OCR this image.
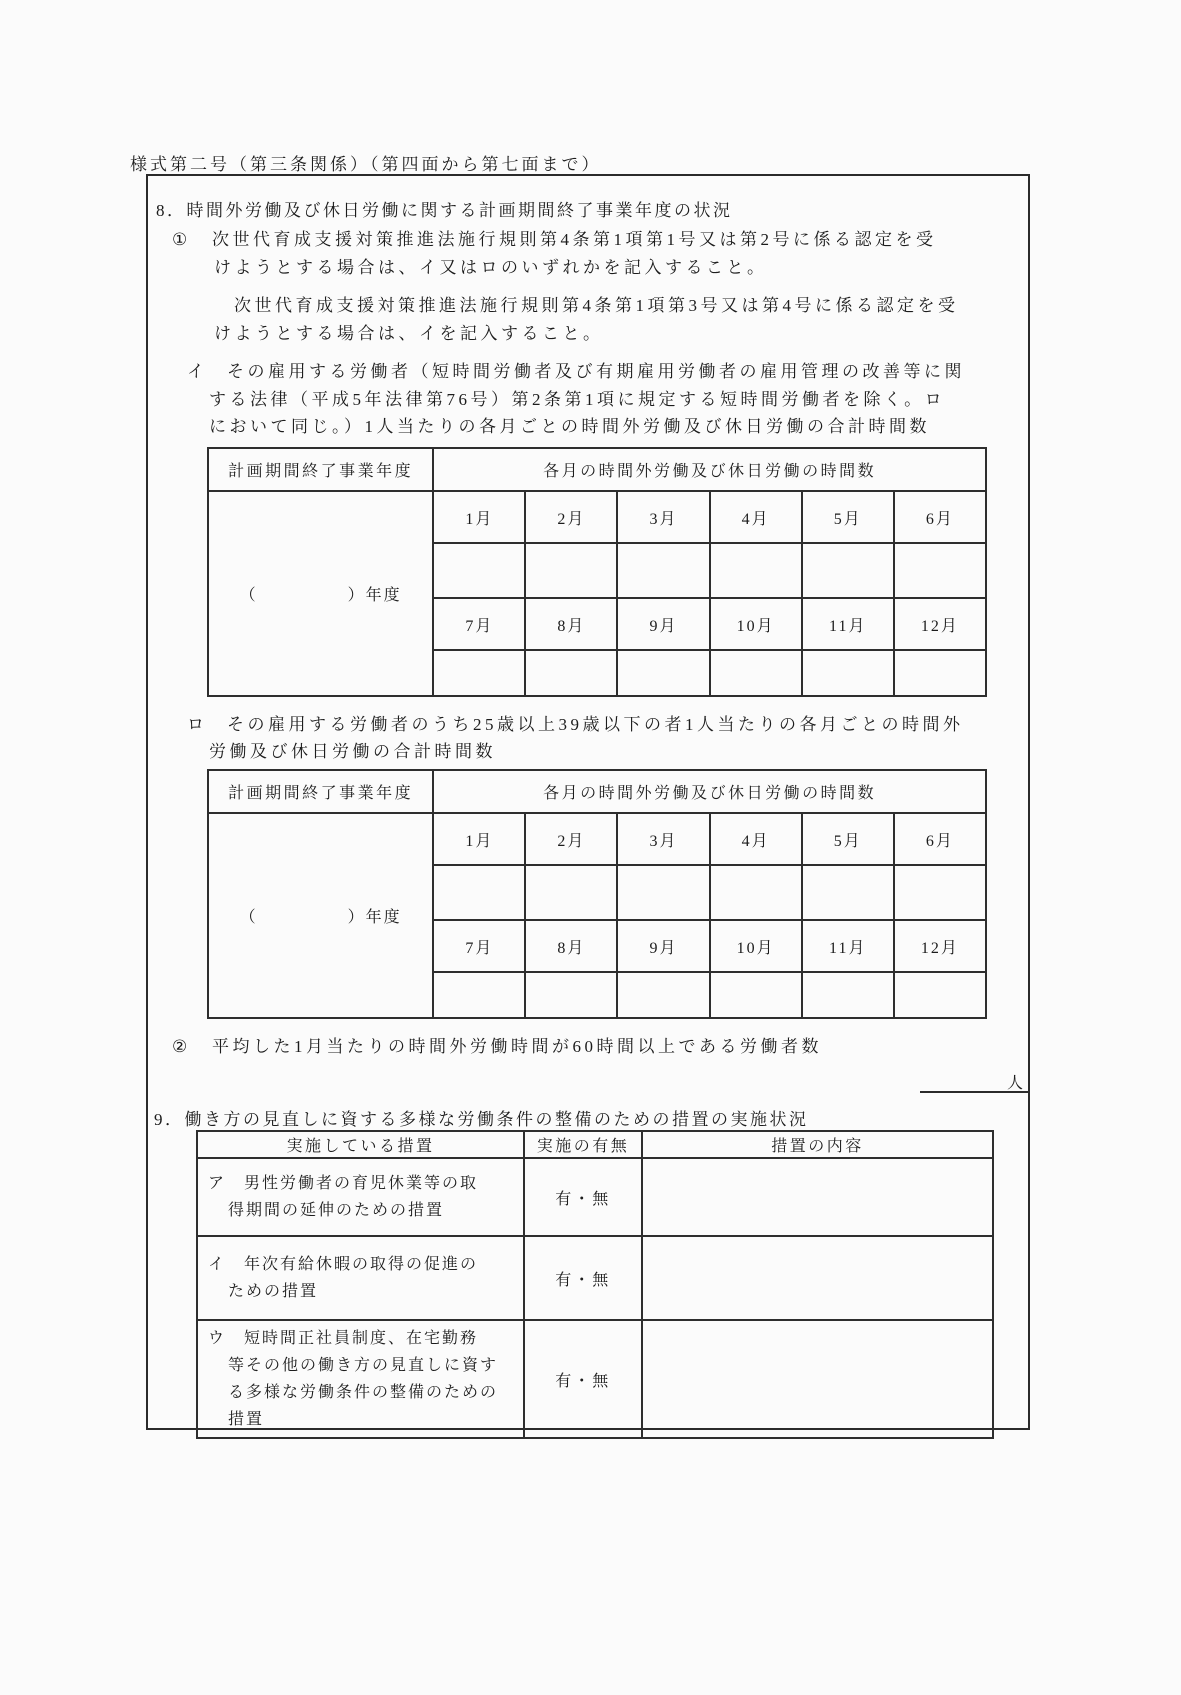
様式第二号（第三条関係）（第四面から第七面まで）
8．時間外労働及び休日労働に関する計画期間終了事業年度の状況
① 次世代育成支援対策推進法施行規則第4条第1項第1号又は第2号に係る認定を受
けようとする場合は、イ又はロのいずれかを記入すること。
次世代育成支援対策推進法施行規則第4条第1項第3号又は第4号に係る認定を受
けようとする場合は、イを記入すること。
イ その雇用する労働者（短時間労働者及び有期雇用労働者の雇用管理の改善等に関
する法律（平成5年法律第76号）第2条第1項に規定する短時間労働者を除く。ロ
において同じ。）1人当たりの各月ごとの時間外労働及び休日労働の合計時間数
計画期間終了事業年度	各月の時間外労働及び休日労働の時間数					
（　　　　　）年度	1月	2月	3月	4月	5月	6月

	7月	8月	9月	10月	11月	12月

ロ その雇用する労働者のうち25歳以上39歳以下の者1人当たりの各月ごとの時間外
労働及び休日労働の合計時間数
計画期間終了事業年度	各月の時間外労働及び休日労働の時間数					
（　　　　　）年度	1月	2月	3月	4月	5月	6月

	7月	8月	9月	10月	11月	12月

② 平均した1月当たりの時間外労働時間が60時間以上である労働者数
人
9．働き方の見直しに資する多様な労働条件の整備のための措置の実施状況
実施している措置	実施の有無	措置の内容

ア 男性労働者の育児休業等の取
得期間の延伸のための措置	有・無	

イ 年次有給休暇の取得の促進の
ための措置	有・無	

ウ 短時間正社員制度、在宅勤務
等その他の働き方の見直しに資す
る多様な労働条件の整備のための
措置	有・無	
